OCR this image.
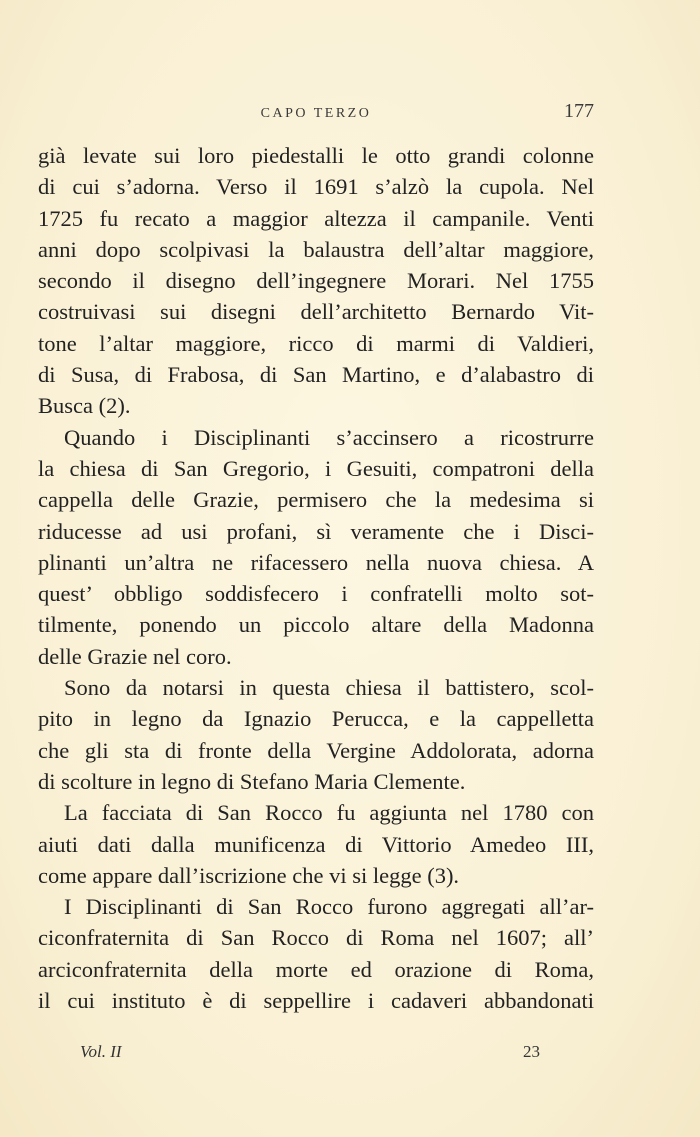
CAPO TERZO	177
già levate sui loro piedestalli le otto grandi colonne
di cui s’adorna. Verso il 1691 s’alzò la cupola. Nel
1725 fu recato a maggior altezza il campanile. Venti
anni dopo scolpivasi la balaustra dell’altar maggiore,
secondo il disegno dell’ingegnere Morari. Nel 1755
costruivasi sui disegni dell’architetto Bernardo Vit-
tone l’altar maggiore, ricco di marmi di Valdieri,
di Susa, di Frabosa, di San Martino, e d’alabastro di
Busca (2).
Quando i Disciplinanti s’accinsero a ricostrurre
la chiesa di San Gregorio, i Gesuiti, compatroni della
cappella delle Grazie, permisero che la medesima si
riducesse ad usi profani, sì veramente che i Disci-
plinanti un’altra ne rifacessero nella nuova chiesa. A
quest’ obbligo soddisfecero i confratelli molto sot-
tilmente, ponendo un piccolo altare della Madonna
delle Grazie nel coro.
Sono da notarsi in questa chiesa il battistero, scol-
pito in legno da Ignazio Perucca, e la cappelletta
che gli sta di fronte della Vergine Addolorata, adorna
di scolture in legno di Stefano Maria Clemente.
La facciata di San Rocco fu aggiunta nel 1780 con
aiuti dati dalla munificenza di Vittorio Amedeo III,
come appare dall’iscrizione che vi si legge (3).
I Disciplinanti di San Rocco furono aggregati all’ar-
ciconfraternita di San Rocco di Roma nel 1607; all’
arciconfraternita della morte ed orazione di Roma,
il cui instituto è di seppellire i cadaveri abbandonati
Vol. II	23
